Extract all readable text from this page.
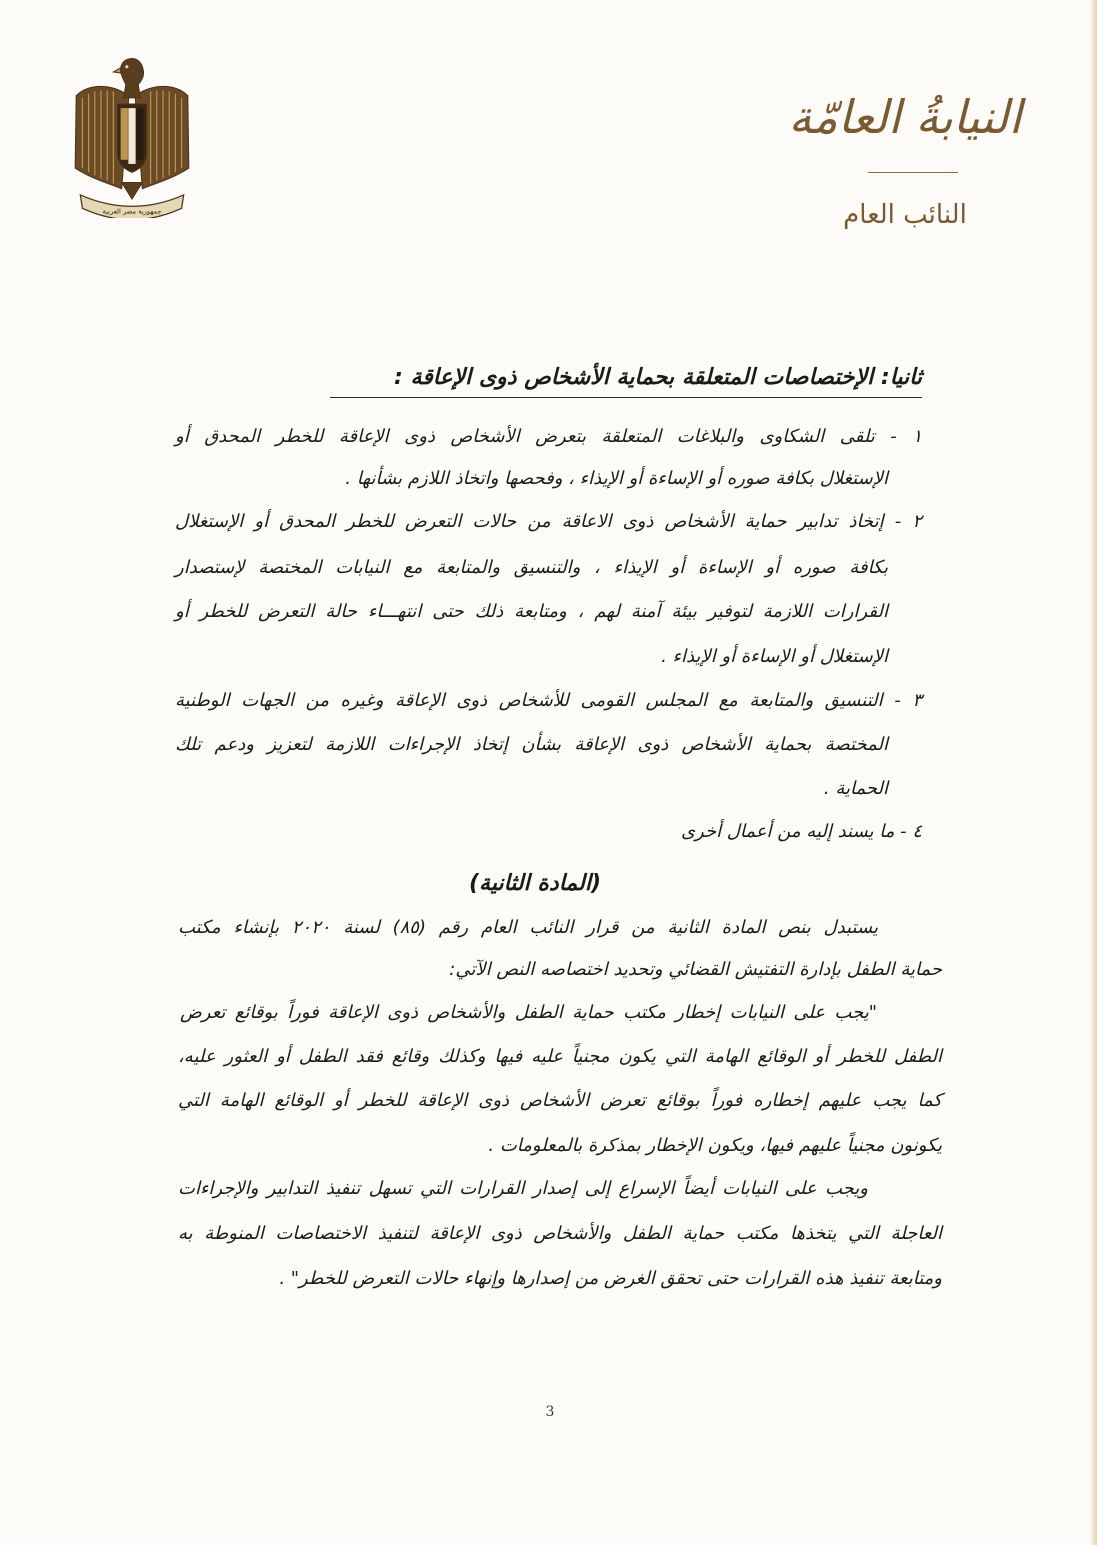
جمهورية مصر العربية
النيابةُ العامّة
النائب العام
ثانيا: الإختصاصات المتعلقة بحماية الأشخاص ذوى الإعاقة :
١ - تلقى الشكاوى والبلاغات المتعلقة بتعرض الأشخاص ذوى الإعاقة للخطر المحدق أو
الإستغلال بكافة صوره أو الإساءة أو الإيذاء ، وفحصها واتخاذ اللازم بشأنها .
٢ - إتخاذ تدابير حماية الأشخاص ذوى الاعاقة من حالات التعرض للخطر المحدق أو الإستغلال
بكافة صوره أو الإساءة أو الإيذاء ، والتنسيق والمتابعة مع النيابات المختصة لإستصدار
القرارات اللازمة لتوفير بيئة آمنة لهم ، ومتابعة ذلك حتى انتهـــاء حالة التعرض للخطر أو
الإستغلال أو الإساءة أو الإيذاء .
٣ - التنسيق والمتابعة مع المجلس القومى للأشخاص ذوى الإعاقة وغيره من الجهات الوطنية
المختصة بحماية الأشخاص ذوى الإعاقة بشأن إتخاذ الإجراءات اللازمة لتعزيز ودعم تلك
الحماية .
٤ - ما يسند إليه من أعمال أخرى
(المادة الثانية)
يستبدل بنص المادة الثانية من قرار النائب العام رقم (٨٥) لسنة ٢٠٢٠ بإنشاء مكتب
حماية الطفل بإدارة التفتيش القضائي وتحديد اختصاصه النص الآتي:
"يجب على النيابات إخطار مكتب حماية الطفل والأشخاص ذوى الإعاقة فوراً بوقائع تعرض
الطفل للخطر أو الوقائع الهامة التي يكون مجنياً عليه فيها وكذلك وقائع فقد الطفل أو العثور عليه،
كما يجب عليهم إخطاره فوراً بوقائع تعرض الأشخاص ذوى الإعاقة للخطر أو الوقائع الهامة التي
يكونون مجنياً عليهم فيها، ويكون الإخطار بمذكرة بالمعلومات .
ويجب على النيابات أيضاً الإسراع إلى إصدار القرارات التي تسهل تنفيذ التدابير والإجراءات
العاجلة التي يتخذها مكتب حماية الطفل والأشخاص ذوى الإعاقة لتنفيذ الاختصاصات المنوطة به
ومتابعة تنفيذ هذه القرارات حتى تحقق الغرض من إصدارها وإنهاء حالات التعرض للخطر" .
3
